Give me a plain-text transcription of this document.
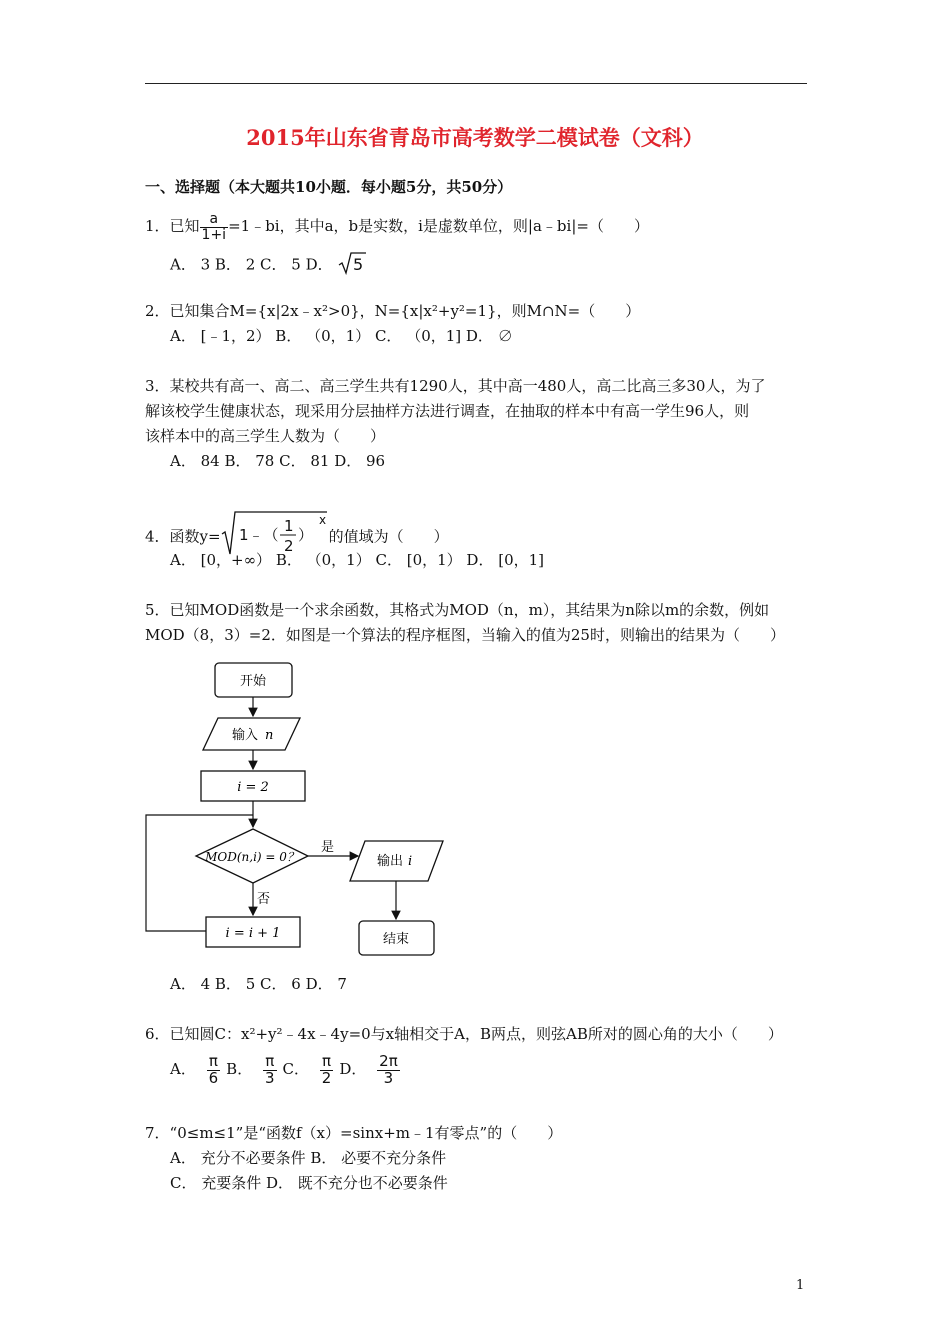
2015年山东省青岛市高考数学二模试卷（文科）
一、选择题（本大题共10小题．每小题5分，共50分）
1．已知 $\frac{a}{1+i}$ =1﹣bi，其中a，b是实数，i是虚数单位，则|a﹣bi|=（　　）
A． 3 B． 2 C． 5 D． 5
2．已知集合M={x|2x﹣x²>0}，N={x|x²+y²=1}，则M∩N=（　　）
A． [﹣1，2） B． （0，1） C． （0，1] D． ∅
3．某校共有高一、高二、高三学生共有1290人，其中高一480人，高二比高三多30人，为了
解该校学生健康状态，现采用分层抽样方法进行调查，在抽取的样本中有高一学生96人，则
该样本中的高三学生人数为（　　）
A． 84 B． 78 C． 81 D． 96
4．函数y= 1﹣（ 1
2
）
x
的值域为（　　）
A． [0，+∞） B． （0，1） C． [0，1） D． [0，1]
5．已知MOD函数是一个求余函数，其格式为MOD（n，m），其结果为n除以m的余数，例如
MOD（8，3）=2．如图是一个算法的程序框图，当输入的值为25时，则输出的结果为（　　）
开始
输入 n
i = 2
MOD(n,i) = 0？
是
输出 i
结束
否
i = i + 1
A． 4 B． 5 C． 6 D． 7
6．已知圆C：x²+y²﹣4x﹣4y=0与x轴相交于A，B两点，则弦AB所对的圆心角的大小（　　）
A． $\frac{\pi}{6}$ B． $\frac{\pi}{3}$ C． $\frac{\pi}{2}$ D． $\frac{2\pi}{3}$
7．“0≤m≤1”是“函数f（x）=sinx+m﹣1有零点”的（　　）
A． 充分不必要条件 B． 必要不充分条件
C． 充要条件 D． 既不充分也不必要条件
1
